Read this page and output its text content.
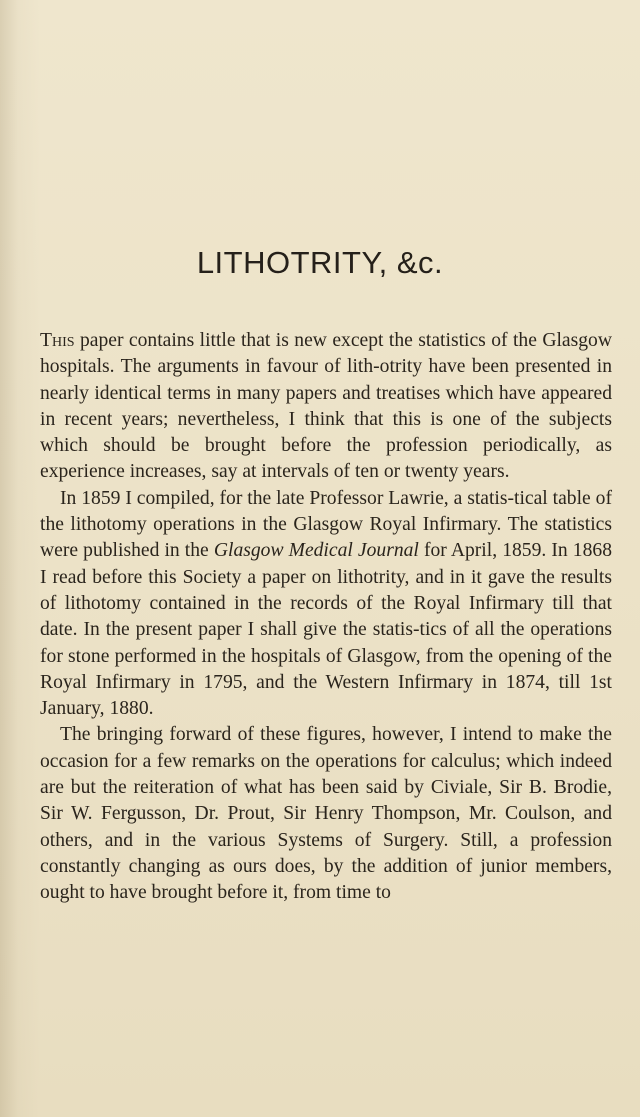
LITHOTRITY, &c.

This paper contains little that is new except the statistics of the Glasgow hospitals. The arguments in favour of lith-otrity have been presented in nearly identical terms in many papers and treatises which have appeared in recent years; nevertheless, I think that this is one of the subjects which should be brought before the profession periodically, as experience increases, say at intervals of ten or twenty years.

In 1859 I compiled, for the late Professor Lawrie, a statis-tical table of the lithotomy operations in the Glasgow Royal Infirmary. The statistics were published in the Glasgow Medical Journal for April, 1859. In 1868 I read before this Society a paper on lithotrity, and in it gave the results of lithotomy contained in the records of the Royal Infirmary till that date. In the present paper I shall give the statis-tics of all the operations for stone performed in the hospitals of Glasgow, from the opening of the Royal Infirmary in 1795, and the Western Infirmary in 1874, till 1st January, 1880.

The bringing forward of these figures, however, I intend to make the occasion for a few remarks on the operations for calculus; which indeed are but the reiteration of what has been said by Civiale, Sir B. Brodie, Sir W. Fergusson, Dr. Prout, Sir Henry Thompson, Mr. Coulson, and others, and in the various Systems of Surgery. Still, a profession constantly changing as ours does, by the addition of junior members, ought to have brought before it, from time to
